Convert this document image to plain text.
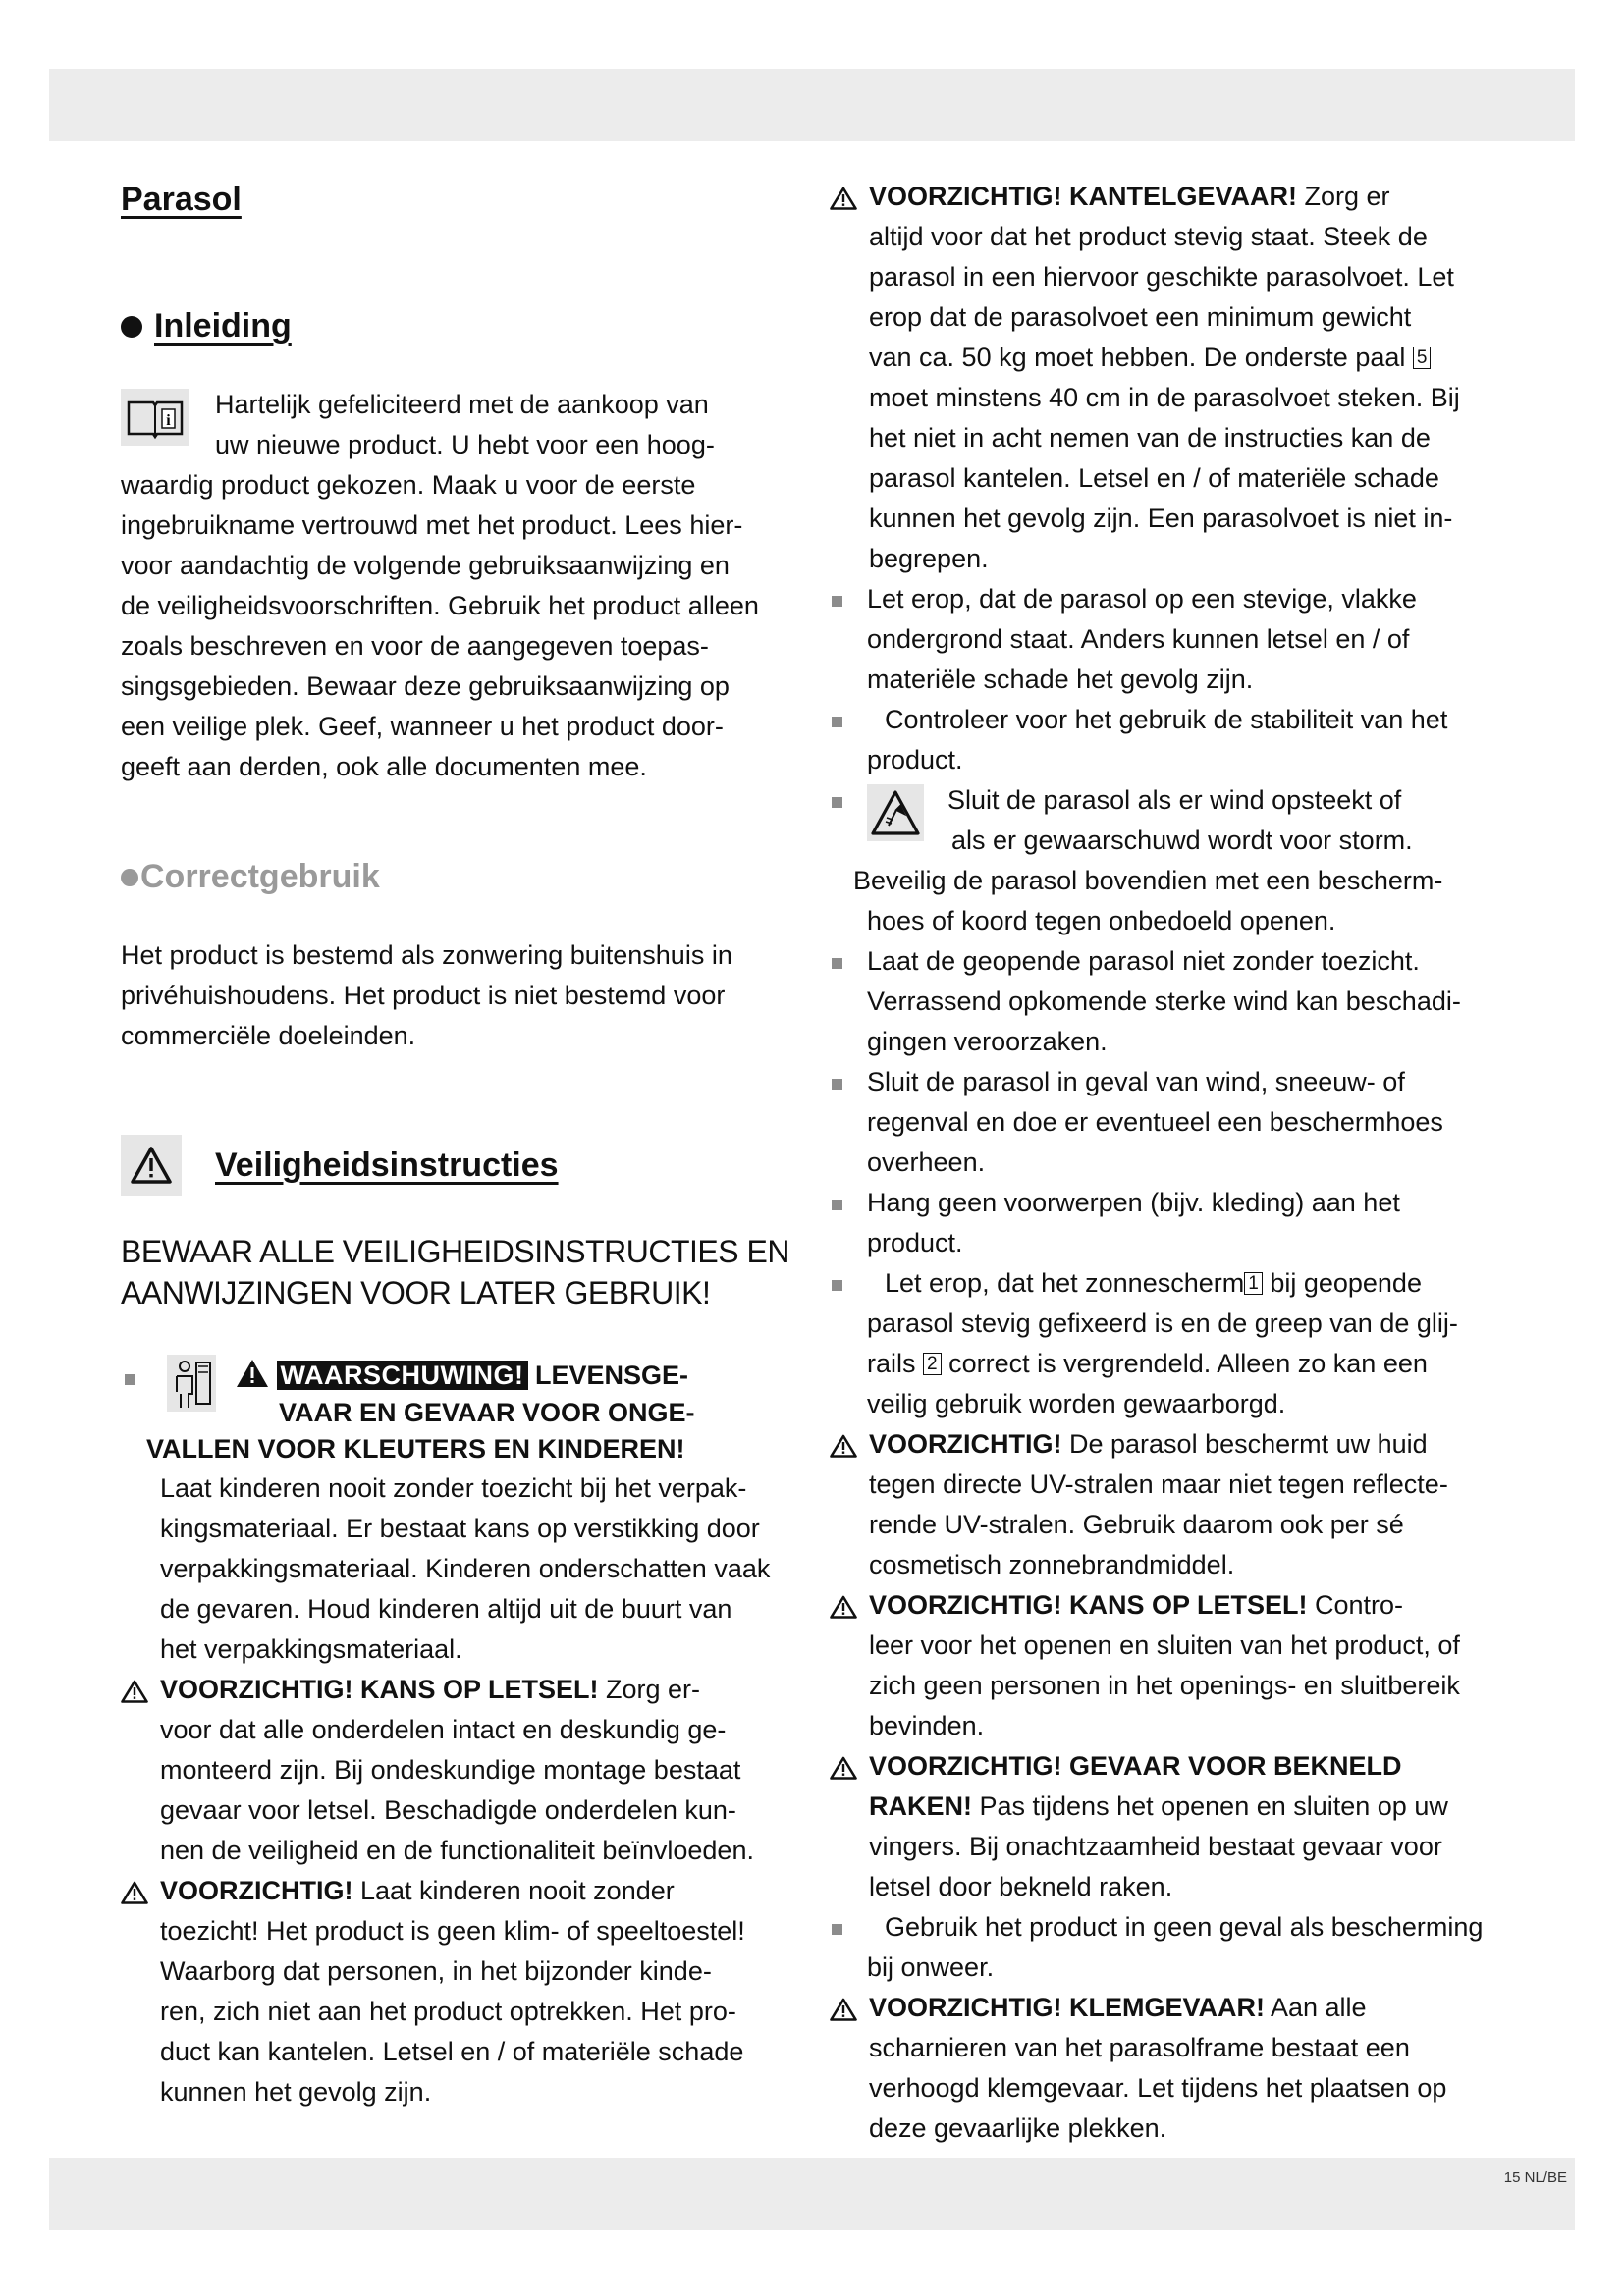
Parasol
Inleiding
i

Hartelijk gefeliciteerd met de aankoop van

uw nieuwe product. U hebt voor een hoog-

waardig product gekozen. Maak u voor de eerste

ingebruikname vertrouwd met het product. Lees hier-

voor aandachtig de volgende gebruiksaanwijzing en

de veiligheidsvoorschriften. Gebruik het product alleen

zoals beschreven en voor de aangegeven toepas-

singsgebieden. Bewaar deze gebruiksaanwijzing op

een veilige plek. Geef, wanneer u het product door-

geeft aan derden, ook alle documenten mee.

Correctgebruik

Het product is bestemd als zonwering buitenshuis in

privéhuishoudens. Het product is niet bestemd voor

commerciële doeleinden.

Veiligheidsinstructies

BEWAAR ALLE VEILIGHEIDSINSTRUCTIES EN

AANWIJZINGEN VOOR LATER GEBRUIK!

WAARSCHUWING! LEVENSGE-
VAAR EN GEVAAR VOOR ONGE-
VALLEN VOOR KLEUTERS EN KINDEREN!

Laat kinderen nooit zonder toezicht bij het verpak-

kingsmateriaal. Er bestaat kans op verstikking door

verpakkingsmateriaal. Kinderen onderschatten vaak

de gevaren. Houd kinderen altijd uit de buurt van

het verpakkingsmateriaal.

VOORZICHTIG! KANS OP LETSEL! Zorg er-

voor dat alle onderdelen intact en deskundig ge-

monteerd zijn. Bij ondeskundige montage bestaat

gevaar voor letsel. Beschadigde onderdelen kun-

nen de veiligheid en de functionaliteit beïnvloeden.

VOORZICHTIG! Laat kinderen nooit zonder

toezicht! Het product is geen klim- of speeltoestel!

Waarborg dat personen, in het bijzonder kinde-

ren, zich niet aan het product optrekken. Het pro-

duct kan kantelen. Letsel en / of materiële schade

kunnen het gevolg zijn.

VOORZICHTIG! KANTELGEVAAR! Zorg er

altijd voor dat het product stevig staat. Steek de

parasol in een hiervoor geschikte parasolvoet. Let

erop dat de parasolvoet een minimum gewicht

van ca. 50 kg moet hebben. De onderste paal 5

moet minstens 40 cm in de parasolvoet steken. Bij

het niet in acht nemen van de instructies kan de

parasol kantelen. Letsel en / of materiële schade

kunnen het gevolg zijn. Een parasolvoet is niet in-

begrepen.

Let erop, dat de parasol op een stevige, vlakke

ondergrond staat. Anders kunnen letsel en / of

materiële schade het gevolg zijn.

Controleer voor het gebruik de stabiliteit van het

product.

Sluit de parasol als er wind opsteekt of

als er gewaarschuwd wordt voor storm.

Beveilig de parasol bovendien met een bescherm-

hoes of koord tegen onbedoeld openen.

Laat de geopende parasol niet zonder toezicht.

Verrassend opkomende sterke wind kan beschadi-

gingen veroorzaken.

Sluit de parasol in geval van wind, sneeuw- of

regenval en doe er eventueel een beschermhoes

overheen.

Hang geen voorwerpen (bijv. kleding) aan het

product.

Let erop, dat het zonnescherm 1 bij geopende

parasol stevig gefixeerd is en de greep van de glij-

rails 2 correct is vergrendeld. Alleen zo kan een

veilig gebruik worden gewaarborgd.

VOORZICHTIG! De parasol beschermt uw huid

tegen directe UV-stralen maar niet tegen reflecte-

rende UV-stralen. Gebruik daarom ook per sé

cosmetisch zonnebrandmiddel.

VOORZICHTIG! KANS OP LETSEL! Contro-

leer voor het openen en sluiten van het product, of

zich geen personen in het openings- en sluitbereik

bevinden.

VOORZICHTIG! GEVAAR VOOR BEKNELD

RAKEN! Pas tijdens het openen en sluiten op uw

vingers. Bij onachtzaamheid bestaat gevaar voor

letsel door bekneld raken.

Gebruik het product in geen geval als bescherming

bij onweer.

VOORZICHTIG! KLEMGEVAAR! Aan alle

scharnieren van het parasolframe bestaat een

verhoogd klemgevaar. Let tijdens het plaatsen op

deze gevaarlijke plekken.

15 NL/BE
